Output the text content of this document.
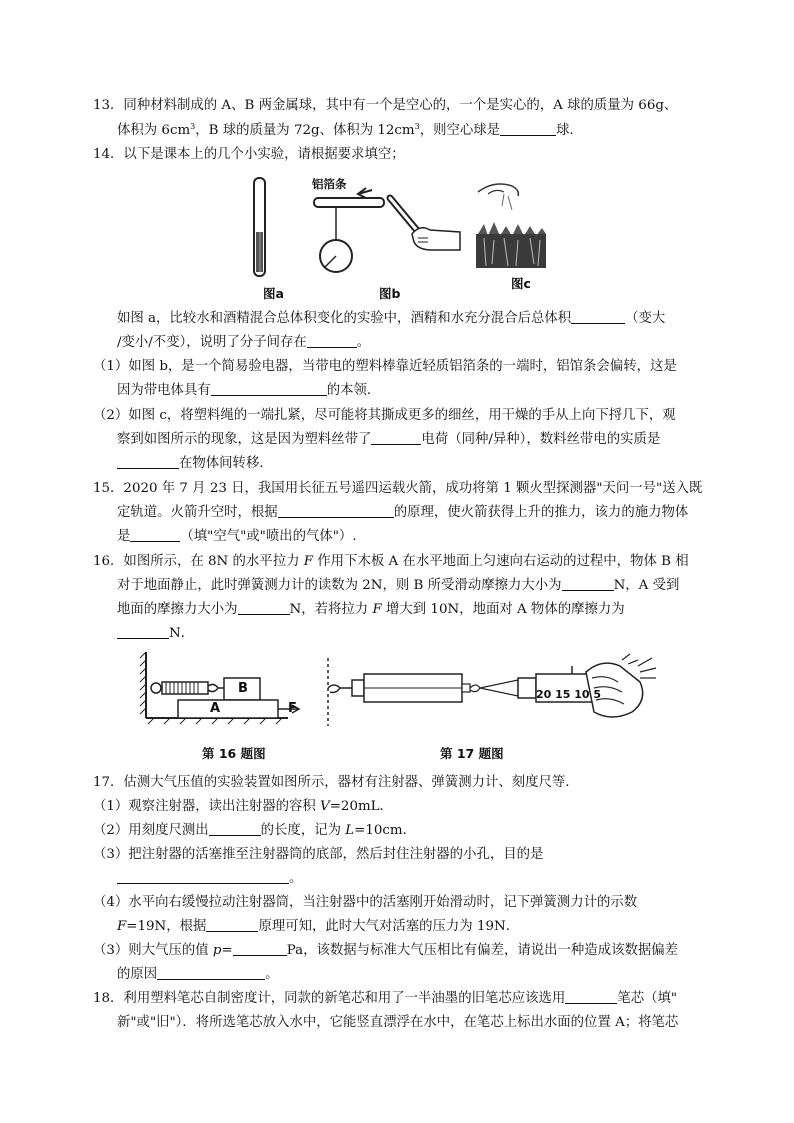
13．同种材料制成的 A、B 两金属球，其中有一个是空心的，一个是实心的，A 球的质量为 66g、
体积为 $6cm^3$，B 球的质量为 72g、体积为 $12cm^3$，则空心球是	球．
14．以下是课本上的几个小实验，请根据要求填空；
图a
铝箔条
图b
图c
如图 a，比较水和酒精混合总体积变化的实验中，酒精和水充分混合后总体积	（变大
/变小/不变），说明了分子间存在	。
（1）如图 b，是一个简易验电器，当带电的塑料棒靠近轻质铝箔条的一端时，铝馆条会偏转，这是
因为带电体具有	的本领．
（2）如图 c，将塑料绳的一端扎紧，尽可能将其撕成更多的细丝，用干燥的手从上向下捋几下，观
察到如图所示的现象，这是因为塑料丝带了	电荷（同种/异种），数料丝带电的实质是
在物体间转移．
15．2020 年 7 月 23 日，我国用长征五号遥四运载火箭，成功将第 1 颗火型探测器"天问一号"送入既
定轨道。火箭升空时，根据	的原理，使火箭获得上升的推力，该力的施力物体
是	（填"空气"或"喷出的气体"）.
16．如图所示，在 8N 的水平拉力 F 作用下木板 A 在水平地面上匀速向右运动的过程中，物体 B 相
对于地面静止，此时弹簧测力计的读数为 2N，则 B 所受滑动摩擦力大小为	N，A 受到
地面的摩擦力大小为	N，若将拉力 F 增大到 10N，地面对 A 物体的摩擦力为
N．
B
A	F
第 16 题图
20 15 10 5
第 17 题图
17．估测大气压值的实验装置如图所示，器材有注射器、弹簧测力计、刻度尺等．
（1）观察注射器，读出注射器的容积 V=20mL．
（2）用刻度尺测出	的长度，记为 L=10cm．
（3）把注射器的活塞推至注射器筒的底部，然后封住注射器的小孔，目的是
。
（4）水平向右缓慢拉动注射器筒，当注射器中的活塞刚开始滑动时，记下弹簧测力计的示数
F=19N，根据	原理可知，此时大气对活塞的压力为 19N．
（3）则大气压的值 p=	Pa，该数据与标准大气压相比有偏差，请说出一种造成该数据偏差
的原因	。
18．利用塑料笔芯自制密度计，同款的新笔芯和用了一半油墨的旧笔芯应该选用	笔芯（填"
新"或"旧"）．将所选笔芯放入水中，它能竖直漂浮在水中，在笔芯上标出水面的位置 A；将笔芯
